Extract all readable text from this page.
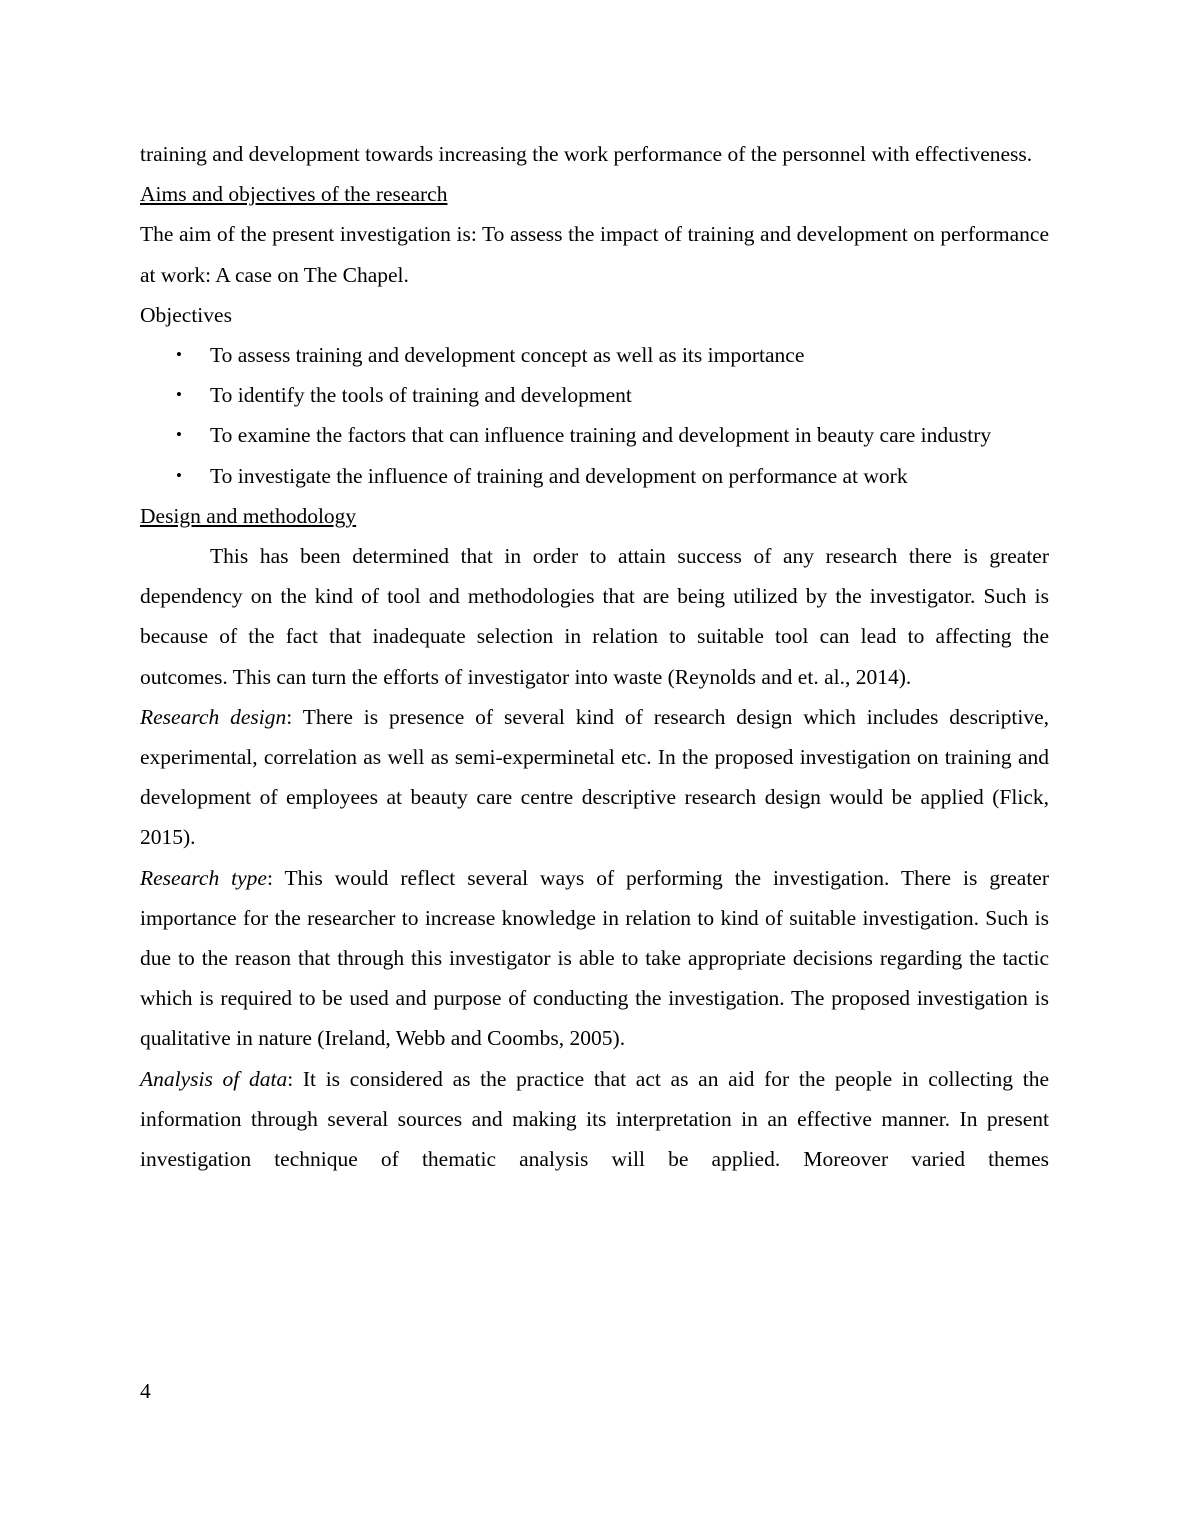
training and development towards increasing the work performance of the personnel with effectiveness.

Aims and objectives of the research

The aim of the present investigation is: To assess the impact of training and development on performance at work: A case on The Chapel.

Objectives

• To assess training and development concept as well as its importance
• To identify the tools of training and development
• To examine the factors that can influence training and development in beauty care industry
• To investigate the influence of training and development on performance at work

Design and methodology

This has been determined that in order to attain success of any research there is greater dependency on the kind of tool and methodologies that are being utilized by the investigator. Such is because of the fact that inadequate selection in relation to suitable tool can lead to affecting the outcomes. This can turn the efforts of investigator into waste (Reynolds and et. al., 2014).

Research design: There is presence of several kind of research design which includes descriptive, experimental, correlation as well as semi-experminetal etc. In the proposed investigation on training and development of employees at beauty care centre descriptive research design would be applied (Flick, 2015).

Research type: This would reflect several ways of performing the investigation. There is greater importance for the researcher to increase knowledge in relation to kind of suitable investigation. Such is due to the reason that through this investigator is able to take appropriate decisions regarding the tactic which is required to be used and purpose of conducting the investigation. The proposed investigation is qualitative in nature (Ireland, Webb and Coombs, 2005).

Analysis of data: It is considered as the practice that act as an aid for the people in collecting the information through several sources and making its interpretation in an effective manner. In present investigation technique of thematic analysis will be applied. Moreover varied themes

4
